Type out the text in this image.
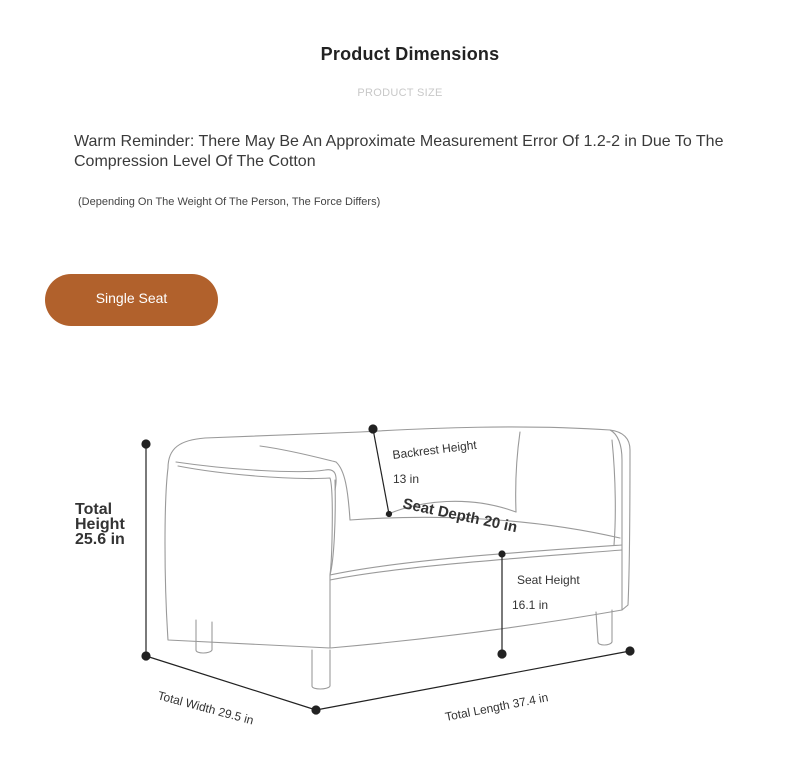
Product Dimensions
PRODUCT SIZE
Warm Reminder: There May Be An Approximate Measurement Error Of 1.2-2 in Due To The
Compression Level Of The Cotton
(Depending On The Weight Of The Person, The Force Differs)
Single Seat
Backrest Height
13 in
Seat Depth 20 in
Seat Height
16.1 in
Total Width 29.5 in	Total Length 37.4 in
Total Height
25.6 in
